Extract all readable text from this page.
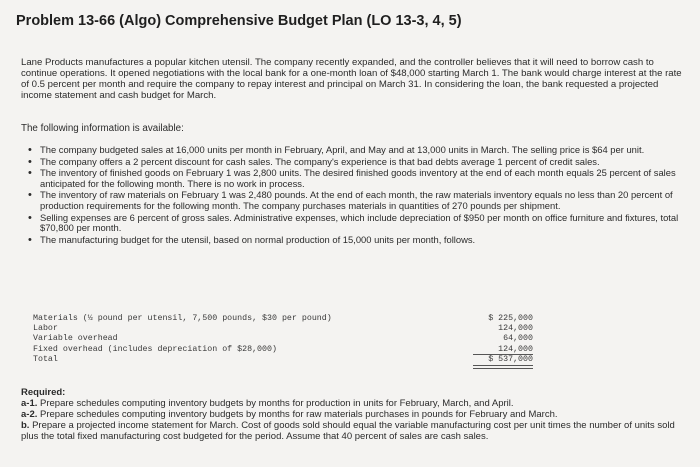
Problem 13-66 (Algo) Comprehensive Budget Plan (LO 13-3, 4, 5)

Lane Products manufactures a popular kitchen utensil. The company recently expanded, and the controller believes that it will need to borrow cash to continue operations. It opened negotiations with the local bank for a one-month loan of $48,000 starting March 1. The bank would charge interest at the rate of 0.5 percent per month and require the company to repay interest and principal on March 31. In considering the loan, the bank requested a projected income statement and cash budget for March.

The following information is available:

• The company budgeted sales at 16,000 units per month in February, April, and May and at 13,000 units in March. The selling price is $64 per unit.
• The company offers a 2 percent discount for cash sales. The company's experience is that bad debts average 1 percent of credit sales.
• The inventory of finished goods on February 1 was 2,800 units. The desired finished goods inventory at the end of each month equals 25 percent of sales anticipated for the following month. There is no work in process.
• The inventory of raw materials on February 1 was 2,480 pounds. At the end of each month, the raw materials inventory equals no less than 20 percent of production requirements for the following month. The company purchases materials in quantities of 270 pounds per shipment.
• Selling expenses are 6 percent of gross sales. Administrative expenses, which include depreciation of $950 per month on office furniture and fixtures, total $70,800 per month.
• The manufacturing budget for the utensil, based on normal production of 15,000 units per month, follows.
Materials (½ pound per utensil, 7,500 pounds, $30 per pound)	$ 225,000
Labor	124,000
Variable overhead	64,000
Fixed overhead (includes depreciation of $28,000)	124,000
Total	$ 537,000
Required:
a-1. Prepare schedules computing inventory budgets by months for production in units for February, March, and April.
a-2. Prepare schedules computing inventory budgets by months for raw materials purchases in pounds for February and March.
b. Prepare a projected income statement for March. Cost of goods sold should equal the variable manufacturing cost per unit times the number of units sold plus the total fixed manufacturing cost budgeted for the period. Assume that 40 percent of sales are cash sales.
